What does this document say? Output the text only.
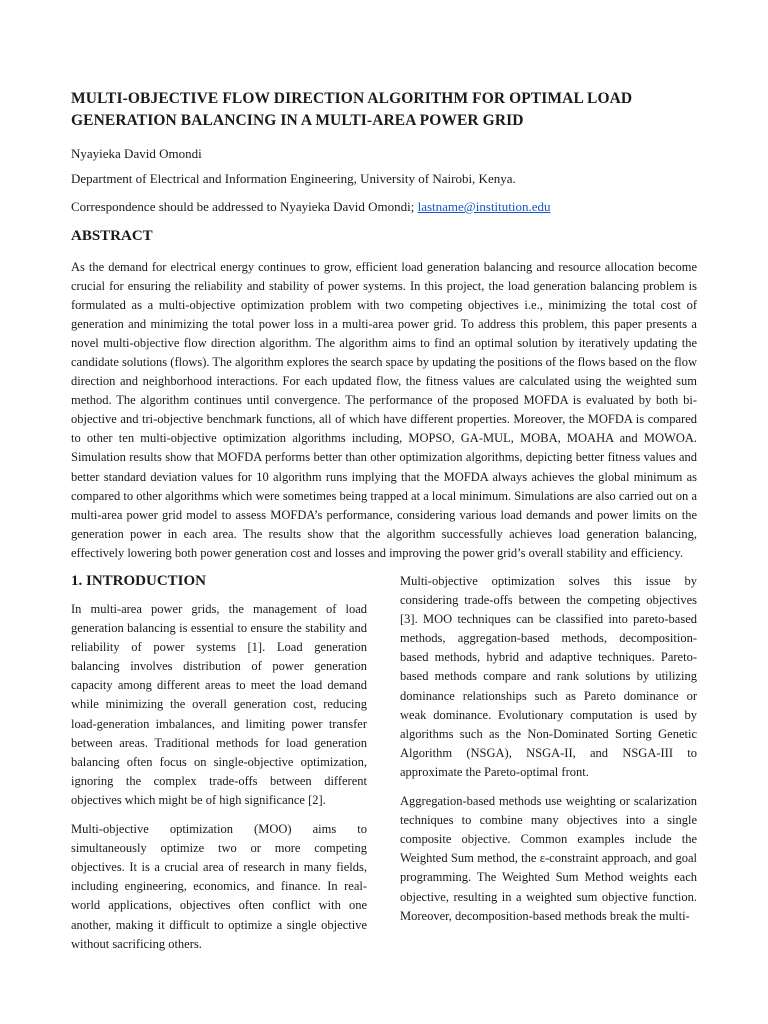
MULTI-OBJECTIVE FLOW DIRECTION ALGORITHM FOR OPTIMAL LOAD
GENERATION BALANCING IN A MULTI-AREA POWER GRID

Nyayieka David Omondi

Department of Electrical and Information Engineering, University of Nairobi, Kenya.

Correspondence should be addressed to Nyayieka David Omondi; lastname@institution.edu

ABSTRACT

As the demand for electrical energy continues to grow, efficient load generation balancing and resource allocation become crucial for ensuring the reliability and stability of power systems. In this project, the load generation balancing problem is formulated as a multi-objective optimization problem with two competing objectives i.e., minimizing the total cost of generation and minimizing the total power loss in a multi-area power grid. To address this problem, this paper presents a novel multi-objective flow direction algorithm. The algorithm aims to find an optimal solution by iteratively updating the candidate solutions (flows). The algorithm explores the search space by updating the positions of the flows based on the flow direction and neighborhood interactions. For each updated flow, the fitness values are calculated using the weighted sum method. The algorithm continues until convergence. The performance of the proposed MOFDA is evaluated by both bi-objective and tri-objective benchmark functions, all of which have different properties. Moreover, the MOFDA is compared to other ten multi-objective optimization algorithms including, MOPSO, GA-MUL, MOBA, MOAHA and MOWOA. Simulation results show that MOFDA performs better than other optimization algorithms, depicting better fitness values and better standard deviation values for 10 algorithm runs implying that the MOFDA always achieves the global minimum as compared to other algorithms which were sometimes being trapped at a local minimum. Simulations are also carried out on a multi-area power grid model to assess MOFDA’s performance, considering various load demands and power limits on the generation power in each area. The results show that the algorithm successfully achieves load generation balancing, effectively lowering both power generation cost and losses and improving the power grid’s overall stability and efficiency.

1. INTRODUCTION

In multi-area power grids, the management of load generation balancing is essential to ensure the stability and reliability of power systems [1]. Load generation balancing involves distribution of power generation capacity among different areas to meet the load demand while minimizing the overall generation cost, reducing load-generation imbalances, and limiting power transfer between areas. Traditional methods for load generation balancing often focus on single-objective optimization, ignoring the complex trade-offs between different objectives which might be of high significance [2].

Multi-objective optimization (MOO) aims to simultaneously optimize two or more competing objectives. It is a crucial area of research in many fields, including engineering, economics, and finance. In real-world applications, objectives often conflict with one another, making it difficult to optimize a single objective without sacrificing others.

Multi-objective optimization solves this issue by considering trade-offs between the competing objectives [3]. MOO techniques can be classified into pareto-based methods, aggregation-based methods, decomposition-based methods, hybrid and adaptive techniques. Pareto-based methods compare and rank solutions by utilizing dominance relationships such as Pareto dominance or weak dominance. Evolutionary computation is used by algorithms such as the Non-Dominated Sorting Genetic Algorithm (NSGA), NSGA-II, and NSGA-III to approximate the Pareto-optimal front.

Aggregation-based methods use weighting or scalarization techniques to combine many objectives into a single composite objective. Common examples include the Weighted Sum method, the ε-constraint approach, and goal programming. The Weighted Sum Method weights each objective, resulting in a weighted sum objective function. Moreover, decomposition-based methods break the multi-
